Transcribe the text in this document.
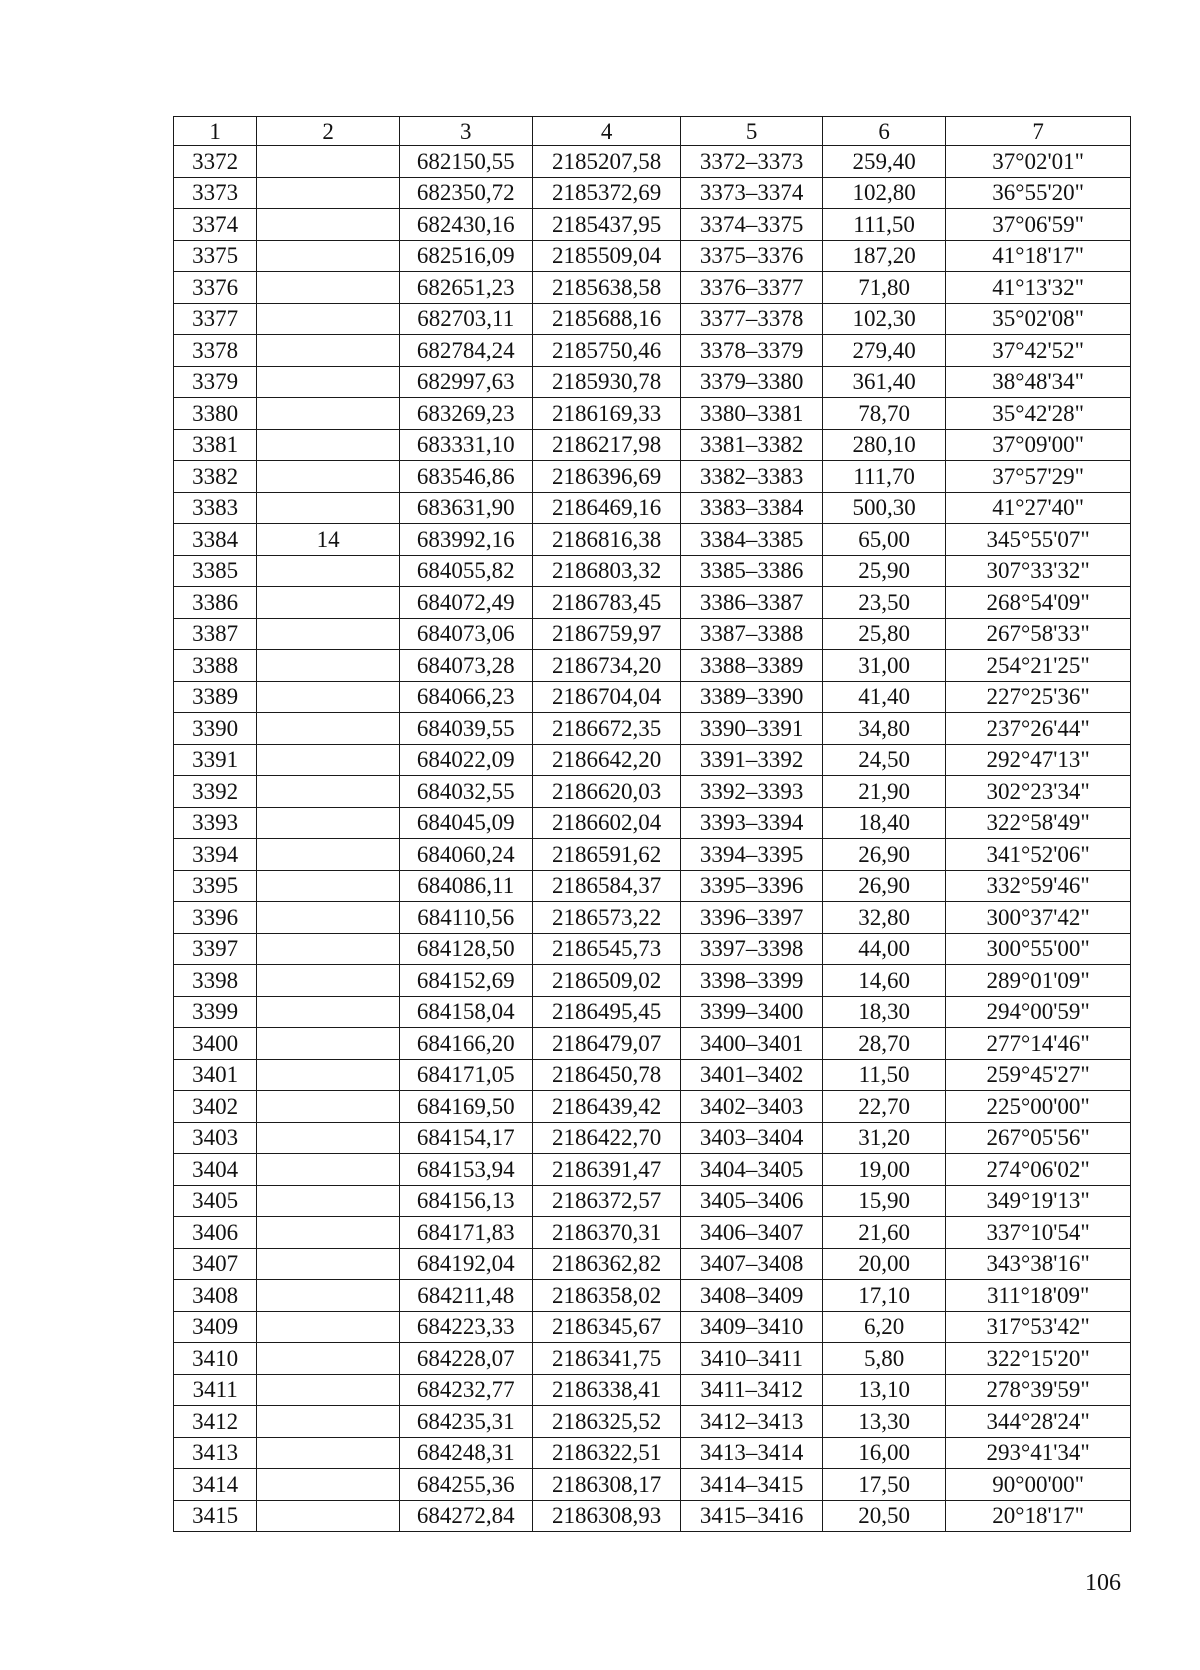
1	2	3	4	5	6	7
3372		682150,55	2185207,58	3372–3373	259,40	37°02'01"
3373		682350,72	2185372,69	3373–3374	102,80	36°55'20"
3374		682430,16	2185437,95	3374–3375	111,50	37°06'59"
3375		682516,09	2185509,04	3375–3376	187,20	41°18'17"
3376		682651,23	2185638,58	3376–3377	71,80	41°13'32"
3377		682703,11	2185688,16	3377–3378	102,30	35°02'08"
3378		682784,24	2185750,46	3378–3379	279,40	37°42'52"
3379		682997,63	2185930,78	3379–3380	361,40	38°48'34"
3380		683269,23	2186169,33	3380–3381	78,70	35°42'28"
3381		683331,10	2186217,98	3381–3382	280,10	37°09'00"
3382		683546,86	2186396,69	3382–3383	111,70	37°57'29"
3383		683631,90	2186469,16	3383–3384	500,30	41°27'40"
3384	14	683992,16	2186816,38	3384–3385	65,00	345°55'07"
3385		684055,82	2186803,32	3385–3386	25,90	307°33'32"
3386		684072,49	2186783,45	3386–3387	23,50	268°54'09"
3387		684073,06	2186759,97	3387–3388	25,80	267°58'33"
3388		684073,28	2186734,20	3388–3389	31,00	254°21'25"
3389		684066,23	2186704,04	3389–3390	41,40	227°25'36"
3390		684039,55	2186672,35	3390–3391	34,80	237°26'44"
3391		684022,09	2186642,20	3391–3392	24,50	292°47'13"
3392		684032,55	2186620,03	3392–3393	21,90	302°23'34"
3393		684045,09	2186602,04	3393–3394	18,40	322°58'49"
3394		684060,24	2186591,62	3394–3395	26,90	341°52'06"
3395		684086,11	2186584,37	3395–3396	26,90	332°59'46"
3396		684110,56	2186573,22	3396–3397	32,80	300°37'42"
3397		684128,50	2186545,73	3397–3398	44,00	300°55'00"
3398		684152,69	2186509,02	3398–3399	14,60	289°01'09"
3399		684158,04	2186495,45	3399–3400	18,30	294°00'59"
3400		684166,20	2186479,07	3400–3401	28,70	277°14'46"
3401		684171,05	2186450,78	3401–3402	11,50	259°45'27"
3402		684169,50	2186439,42	3402–3403	22,70	225°00'00"
3403		684154,17	2186422,70	3403–3404	31,20	267°05'56"
3404		684153,94	2186391,47	3404–3405	19,00	274°06'02"
3405		684156,13	2186372,57	3405–3406	15,90	349°19'13"
3406		684171,83	2186370,31	3406–3407	21,60	337°10'54"
3407		684192,04	2186362,82	3407–3408	20,00	343°38'16"
3408		684211,48	2186358,02	3408–3409	17,10	311°18'09"
3409		684223,33	2186345,67	3409–3410	6,20	317°53'42"
3410		684228,07	2186341,75	3410–3411	5,80	322°15'20"
3411		684232,77	2186338,41	3411–3412	13,10	278°39'59"
3412		684235,31	2186325,52	3412–3413	13,30	344°28'24"
3413		684248,31	2186322,51	3413–3414	16,00	293°41'34"
3414		684255,36	2186308,17	3414–3415	17,50	90°00'00"
3415		684272,84	2186308,93	3415–3416	20,50	20°18'17"
106
